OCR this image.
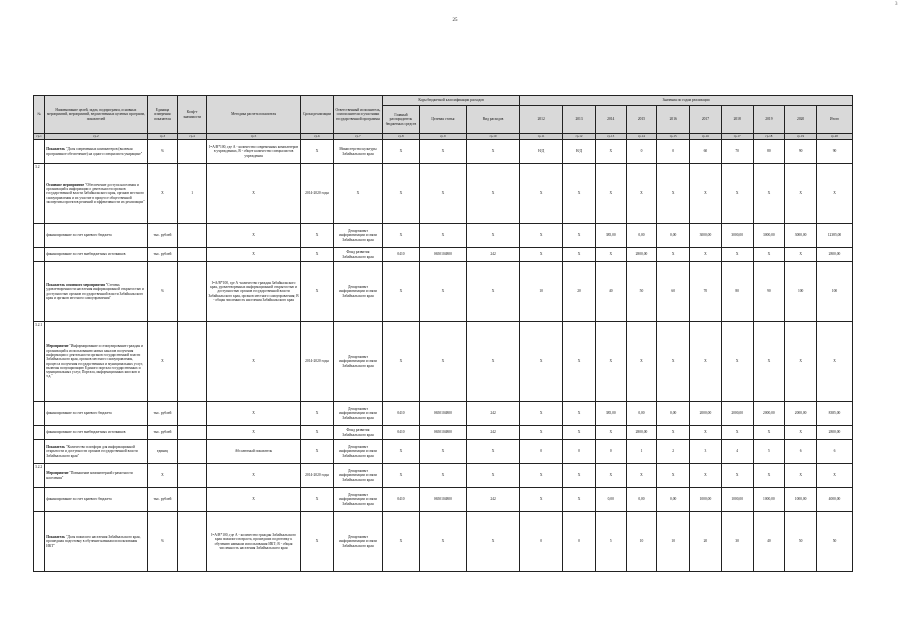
25
3
№	Наименование целей, задач, подпрограмм, основных мероприятий, мероприятий, ведомственных целевых программ, показателей	Единица измерения показателя	Коэф-т значимости	Методика расчета показателя	Сроки реализации	Ответственный исполнитель, соисполнители и участники государственной программы	Коды бюджетной классификации расходов			Значения по годам реализации									
							Главный распорядитель бюджетных средств	Целевая статья	Вид расходов	2012	2013	2014	2015	2016	2017	2018	2019	2020	Итого

гр.1	гр.2	гр.3	гр.4	гр.5	гр.6	гр.7	гр.8	гр.9	гр.10	гр.11	гр.12	гр.13	гр.14	гр.15	гр.16	гр.17	гр.18	гр.19	гр.20
	Показатель "Доля современных компьютеров (включая программное обеспечение) на одного специалиста умарацине"	%		I=А/В*100, где А - количество современных компьютеров в учреждениях, В - общее количество специалистов учреждения	X	Министерство культуры Забайкальского края	X	X	X	Н/Д	Н/Д	X	0	0	60	70	80	90	90
3.2	Основное мероприятие "Обеспечение доступа населения и организаций к информации о деятельности органов государственной власти Забайкальского края, органов местного самоуправления и их участие в процессе общественной экспертизы проектов решений и эффективности их реализации"	X	1	X	2014-2020 годы	X	X	X	X	X	X	X	X	X	X	X	X	X	X
	финансирование за счет краевого бюджета	тыс. рублей		X	X	Департамент информатизации и связи Забайкальского края	X	X	X	X	X	385,00	0,00	0,00	3000,00	3000,00	3000,00	3000,00	12385,00
	финансирование за счет внебюджетных источников	тыс. рублей		X	X	Фонд развития Забайкальского края	0410	0650104800	242	X	X	X	2800,00	X	X	X	X	X	2800,00
	Показатель основного мероприятия "Степень удовлетворенности населения информационной открытостью и доступностью органов государственной власти Забайкальского края и органов местного самоуправления"	%		I=А/В*100, где А -количество граждан Забайкальского края, удовлетворенных информационной открытостью и доступностью органов государственной власти Забайкальского края, органов местного самоуправления; В - общая численность населения Забайкальского края	X	Департамент информатизации и связи Забайкальского края	X	X	X	10	20	40	50	60	70	80	90	100	100
3.2.1	Мероприятие "Информирование и стимулирование граждан и организаций к использованию новых каналов получения информации о деятельности органов государственной власти Забайкальского края, органов местного самоуправления, процесса получения государственных и муниципальных услуг, включая популяризацию Единого портала государственных и муниципальных услуг, Портала, информационных киосков и т.д."	X		X	2014-2020 годы	Департамент информатизации и связи Забайкальского края	X	X	X	X	X	X	X	X	X	X	X	X	X
	финансирование за счет краевого бюджета	тыс. рублей		X	X	Департамент информатизации и связи Забайкальского края	0410	0650104800	242	X	X	385,00	0,00	0,00	2000,00	2000,00	2000,00	2000,00	8385,00
	финансирование за счет внебюджетных источников	тыс. рублей		X	X	Фонд развития Забайкальского края	0410	0650104800	242	X	X	X	2800,00	X	X	X	X	X	2800,00
	Показатель "Количество платформ для информационной открытости и доступности органов государственной власти Забайкальского края"	единиц		Абсолютный показатель	X	Департамент информатизации и связи Забайкальского края	X	X	X	0	0	0	1	2	3	4	5	6	6
3.2.2	Мероприятие "Повышение компьютерной грамотности населения"	X		X	2014-2020 годы	Департамент информатизации и связи Забайкальского края	X	X	X	X	X	X	X	X	X	X	X	X	X
	финансирование за счет краевого бюджета	тыс. рублей		X	X	Департамент информатизации и связи Забайкальского края	0410	0650104800	242	X	X	0,00	0,00	0,00	1000,00	1000,00	1000,00	1000,00	4000,00
	Показатель "Доля пожилого населения Забайкальского края, прошедшая подготовку в обучение навыкам использования ИКТ"	%		I=А/В*100, где А - количество граждан Забайкальского края пожилого возраста, прошедших подготовку к обучению навыкам использования ИКТ; В - общая численность населения Забайкальского края	X	Департамент информатизации и связи Забайкальского края	X	X	X	0	0	5	10	10	20	30	40	50	50
